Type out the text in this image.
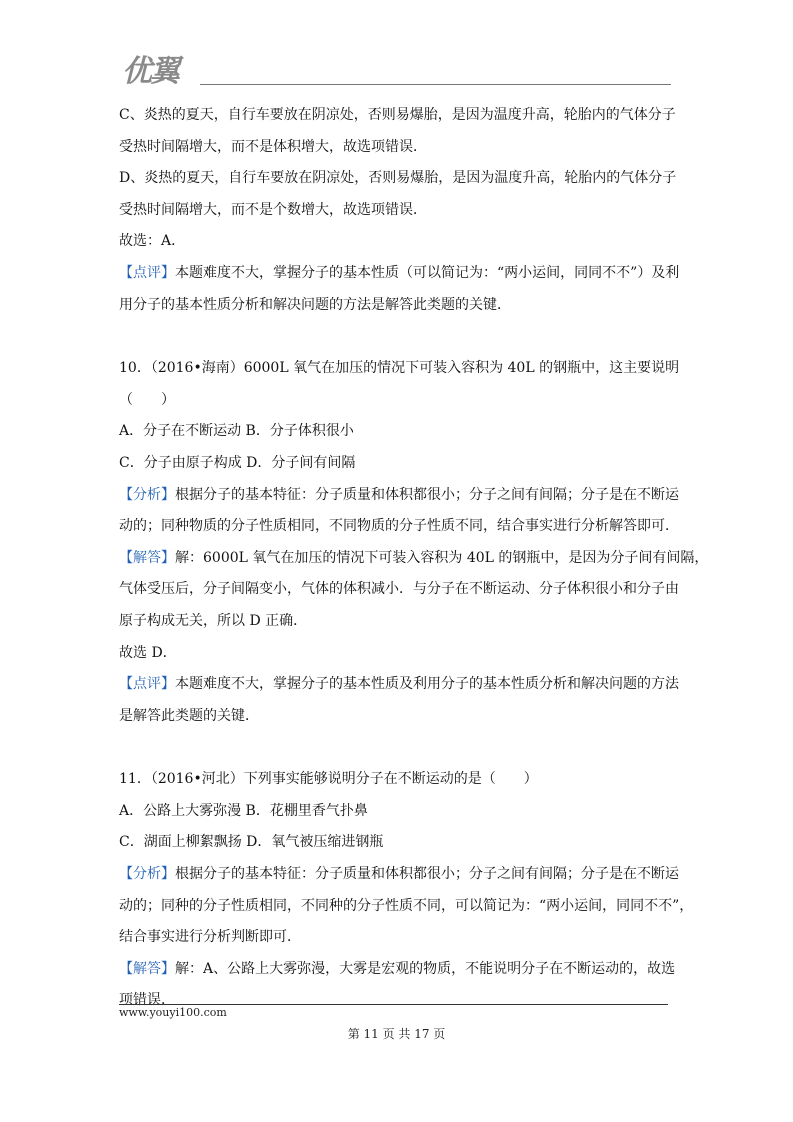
优翼
C、炎热的夏天，自行车要放在阴凉处，否则易爆胎，是因为温度升高，轮胎内的气体分子
受热时间隔增大，而不是体积增大，故选项错误．
D、炎热的夏天，自行车要放在阴凉处，否则易爆胎，是因为温度升高，轮胎内的气体分子
受热时间隔增大，而不是个数增大，故选项错误．
故选：A．
【点评】本题难度不大，掌握分子的基本性质（可以简记为：“两小运间，同同不不”）及利
用分子的基本性质分析和解决问题的方法是解答此类题的关键．
10．（2016•海南）6000L 氧气在加压的情况下可装入容积为 40L 的钢瓶中，这主要说明
（　　）
A．分子在不断运动 B．分子体积很小
C．分子由原子构成 D．分子间有间隔
【分析】根据分子的基本特征：分子质量和体积都很小；分子之间有间隔；分子是在不断运
动的；同种物质的分子性质相同，不同物质的分子性质不同，结合事实进行分析解答即可．
【解答】解：6000L 氧气在加压的情况下可装入容积为 40L 的钢瓶中，是因为分子间有间隔，
气体受压后，分子间隔变小，气体的体积减小．与分子在不断运动、分子体积很小和分子由
原子构成无关，所以 D 正确．
故选 D．
【点评】本题难度不大，掌握分子的基本性质及利用分子的基本性质分析和解决问题的方法
是解答此类题的关键．
11．（2016•河北）下列事实能够说明分子在不断运动的是（　　）
A．公路上大雾弥漫 B．花棚里香气扑鼻
C．湖面上柳絮飘扬 D．氧气被压缩进钢瓶
【分析】根据分子的基本特征：分子质量和体积都很小；分子之间有间隔；分子是在不断运
动的；同种的分子性质相同，不同种的分子性质不同，可以简记为：“两小运间，同同不不”，
结合事实进行分析判断即可．
【解答】解：A、公路上大雾弥漫，大雾是宏观的物质，不能说明分子在不断运动的，故选
项错误．
www.youyi100.com
第 11 页 共 17 页
